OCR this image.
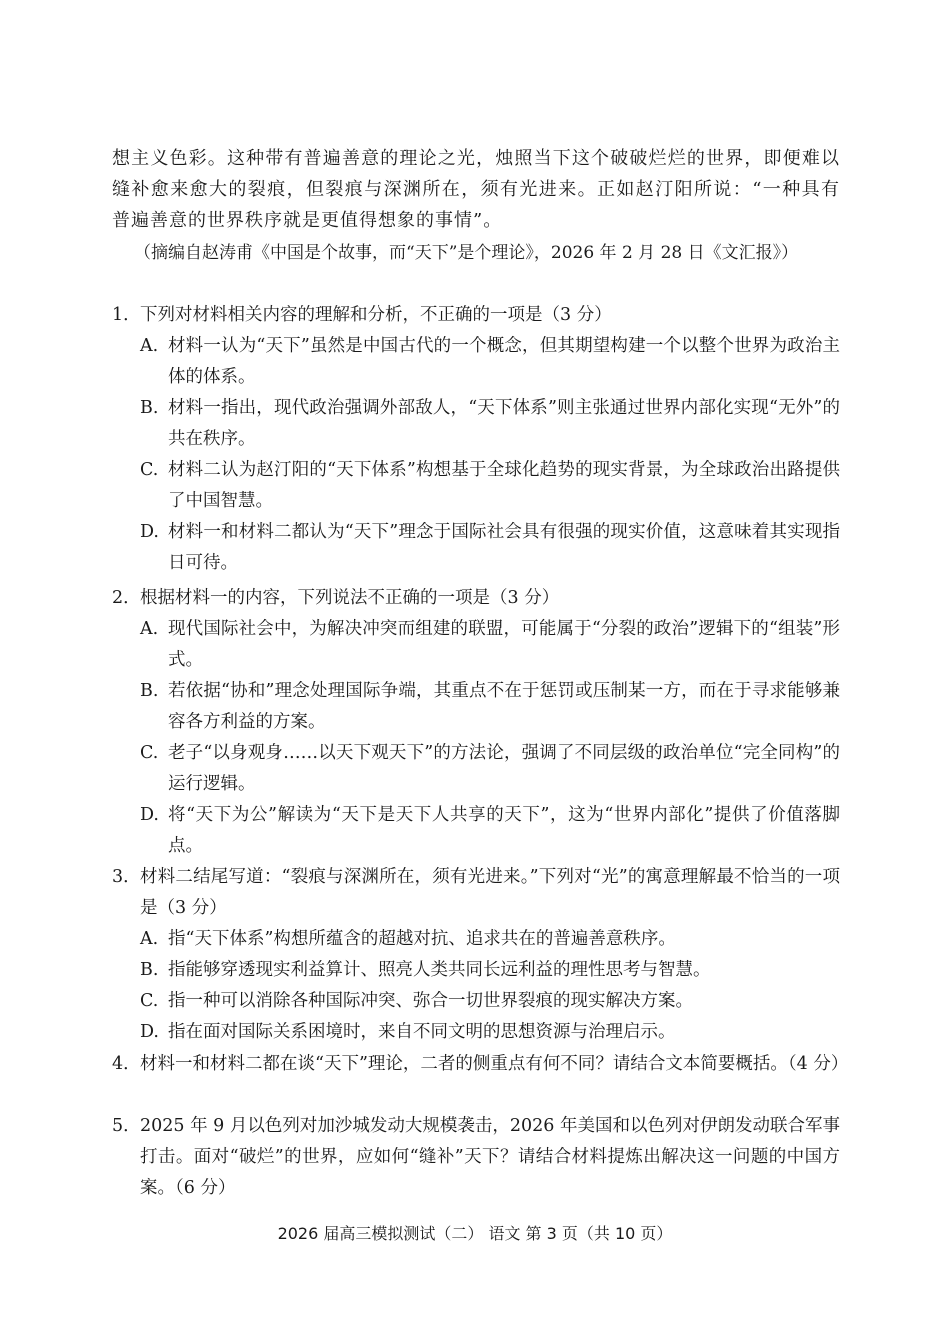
想主义色彩。这种带有普遍善意的理论之光，烛照当下这个破破烂烂的世界，即便难以缝补愈来愈大的裂痕，但裂痕与深渊所在，须有光进来。正如赵汀阳所说：“一种具有普遍善意的世界秩序就是更值得想象的事情”。
（摘编自赵涛甫《中国是个故事，而“天下”是个理论》，2026 年 2 月 28 日《文汇报》）
1． 下列对材料相关内容的理解和分析，不正确的一项是（3 分）
A. 材料一认为“天下”虽然是中国古代的一个概念，但其期望构建一个以整个世界为政治主体的体系。
B. 材料一指出，现代政治强调外部敌人，“天下体系”则主张通过世界内部化实现“无外”的共在秩序。
C. 材料二认为赵汀阳的“天下体系”构想基于全球化趋势的现实背景，为全球政治出路提供了中国智慧。
D. 材料一和材料二都认为“天下”理念于国际社会具有很强的现实价值，这意味着其实现指日可待。
2． 根据材料一的内容，下列说法不正确的一项是（3 分）
A. 现代国际社会中，为解决冲突而组建的联盟，可能属于“分裂的政治”逻辑下的“组装”形式。
B. 若依据“协和”理念处理国际争端，其重点不在于惩罚或压制某一方，而在于寻求能够兼容各方利益的方案。
C. 老子“以身观身……以天下观天下”的方法论，强调了不同层级的政治单位“完全同构”的运行逻辑。
D. 将“天下为公”解读为“天下是天下人共享的天下”，这为“世界内部化”提供了价值落脚点。
3． 材料二结尾写道：“裂痕与深渊所在，须有光进来。”下列对“光”的寓意理解最不恰当的一项是（3 分）
A. 指“天下体系”构想所蕴含的超越对抗、追求共在的普遍善意秩序。
B. 指能够穿透现实利益算计、照亮人类共同长远利益的理性思考与智慧。
C. 指一种可以消除各种国际冲突、弥合一切世界裂痕的现实解决方案。
D. 指在面对国际关系困境时，来自不同文明的思想资源与治理启示。
4． 材料一和材料二都在谈“天下”理论，二者的侧重点有何不同？请结合文本简要概括。（4 分）
5． 2025 年 9 月以色列对加沙城发动大规模袭击，2026 年美国和以色列对伊朗发动联合军事打击。面对“破烂”的世界，应如何“缝补”天下？请结合材料提炼出解决这一问题的中国方案。（6 分）
2026 届高三模拟测试（二） 语文 第 3 页（共 10 页）
